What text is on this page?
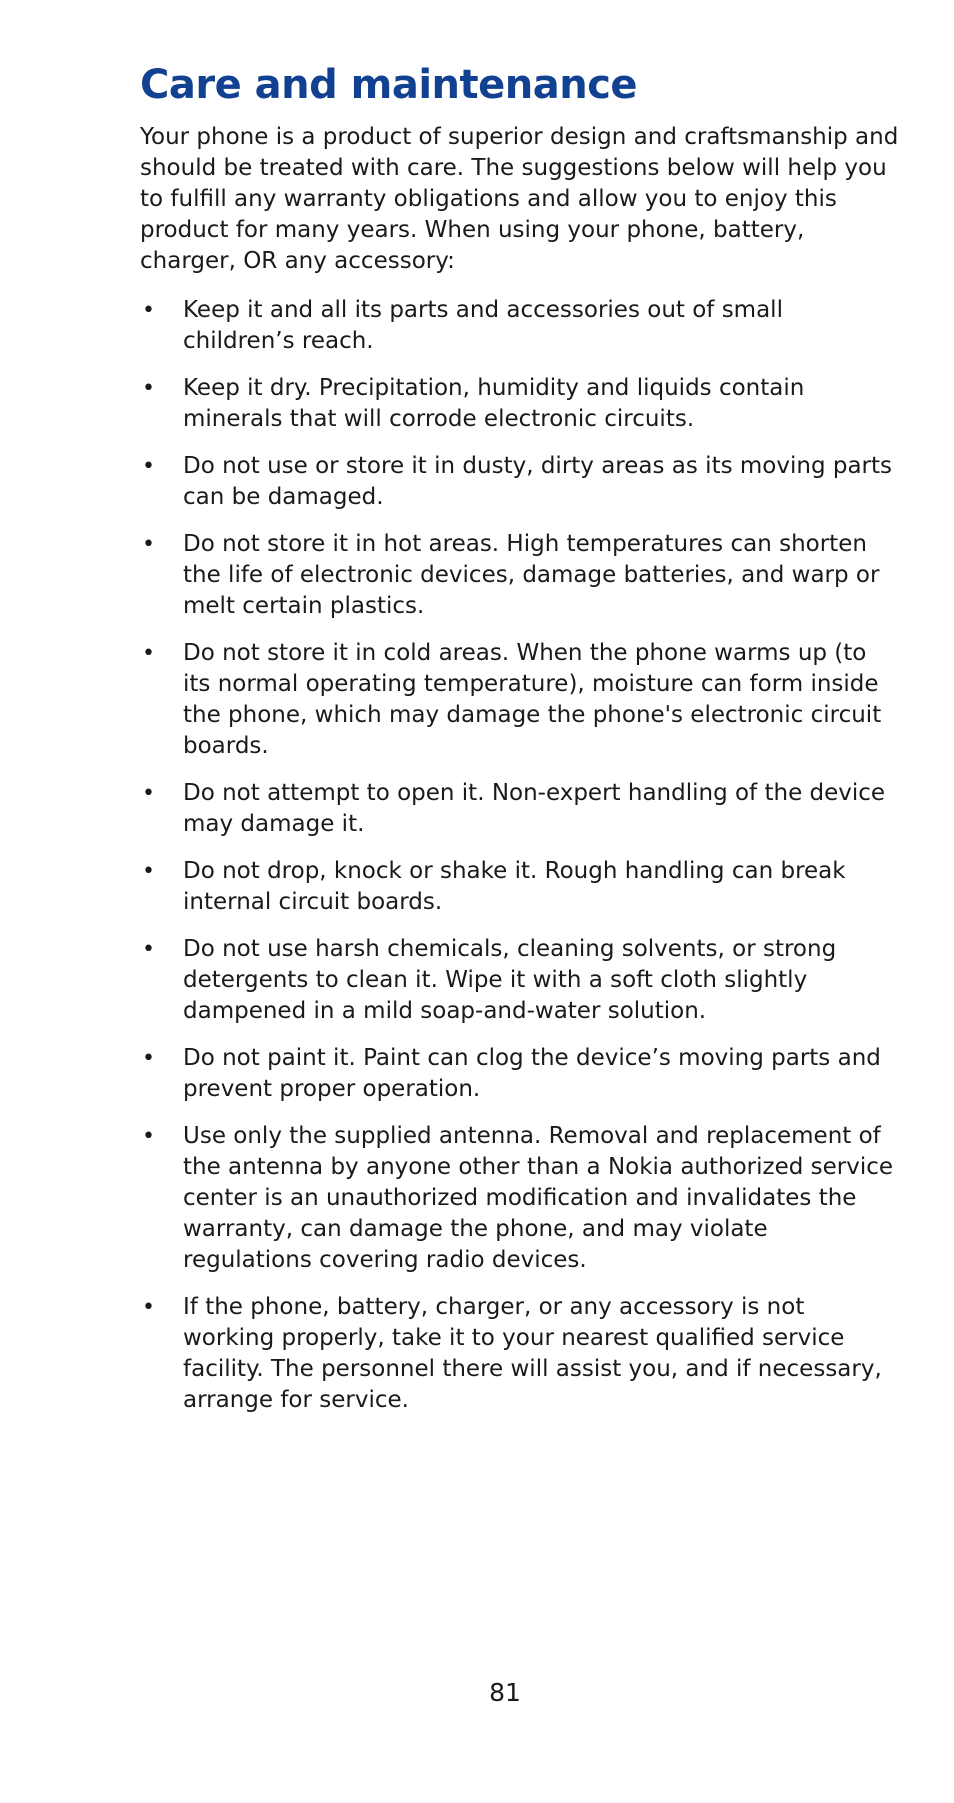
Care and maintenance

Your phone is a product of superior design and craftsmanship and should be treated with care. The suggestions below will help you to fulfill any warranty obligations and allow you to enjoy this product for many years. When using your phone, battery, charger, OR any accessory:

• Keep it and all its parts and accessories out of small children’s reach.
• Keep it dry. Precipitation, humidity and liquids contain minerals that will corrode electronic circuits.
• Do not use or store it in dusty, dirty areas as its moving parts can be damaged.
• Do not store it in hot areas. High temperatures can shorten the life of electronic devices, damage batteries, and warp or melt certain plastics.
• Do not store it in cold areas. When the phone warms up (to its normal operating temperature), moisture can form inside the phone, which may damage the phone's electronic circuit boards.
• Do not attempt to open it. Non-expert handling of the device may damage it.
• Do not drop, knock or shake it. Rough handling can break internal circuit boards.
• Do not use harsh chemicals, cleaning solvents, or strong detergents to clean it. Wipe it with a soft cloth slightly dampened in a mild soap-and-water solution.
• Do not paint it. Paint can clog the device’s moving parts and prevent proper operation.
• Use only the supplied antenna. Removal and replacement of the antenna by anyone other than a Nokia authorized service center is an unauthorized modification and invalidates the warranty, can damage the phone, and may violate regulations covering radio devices.
• If the phone, battery, charger, or any accessory is not working properly, take it to your nearest qualified service facility. The personnel there will assist you, and if necessary, arrange for service.
81
